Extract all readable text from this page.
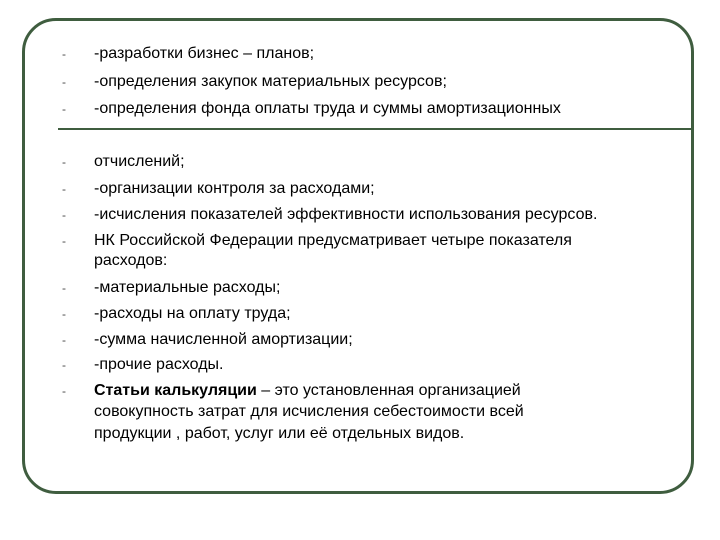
-	-разработки бизнес – планов;
-	-определения закупок материальных ресурсов;
-	-определения фонда оплаты труда и суммы амортизационных
-	отчислений;
-	-организации контроля за расходами;
-	-исчисления показателей эффективности использования ресурсов.
-	НК Российской Федерации предусматривает четыре показателя
расходов:
-	-материальные расходы;
-	-расходы на оплату труда;
-	-сумма начисленной амортизации;
-	-прочие расходы.
-	Статьи калькуляции – это установленная организацией
совокупность затрат для исчисления себестоимости всей
продукции , работ, услуг или её отдельных видов.
